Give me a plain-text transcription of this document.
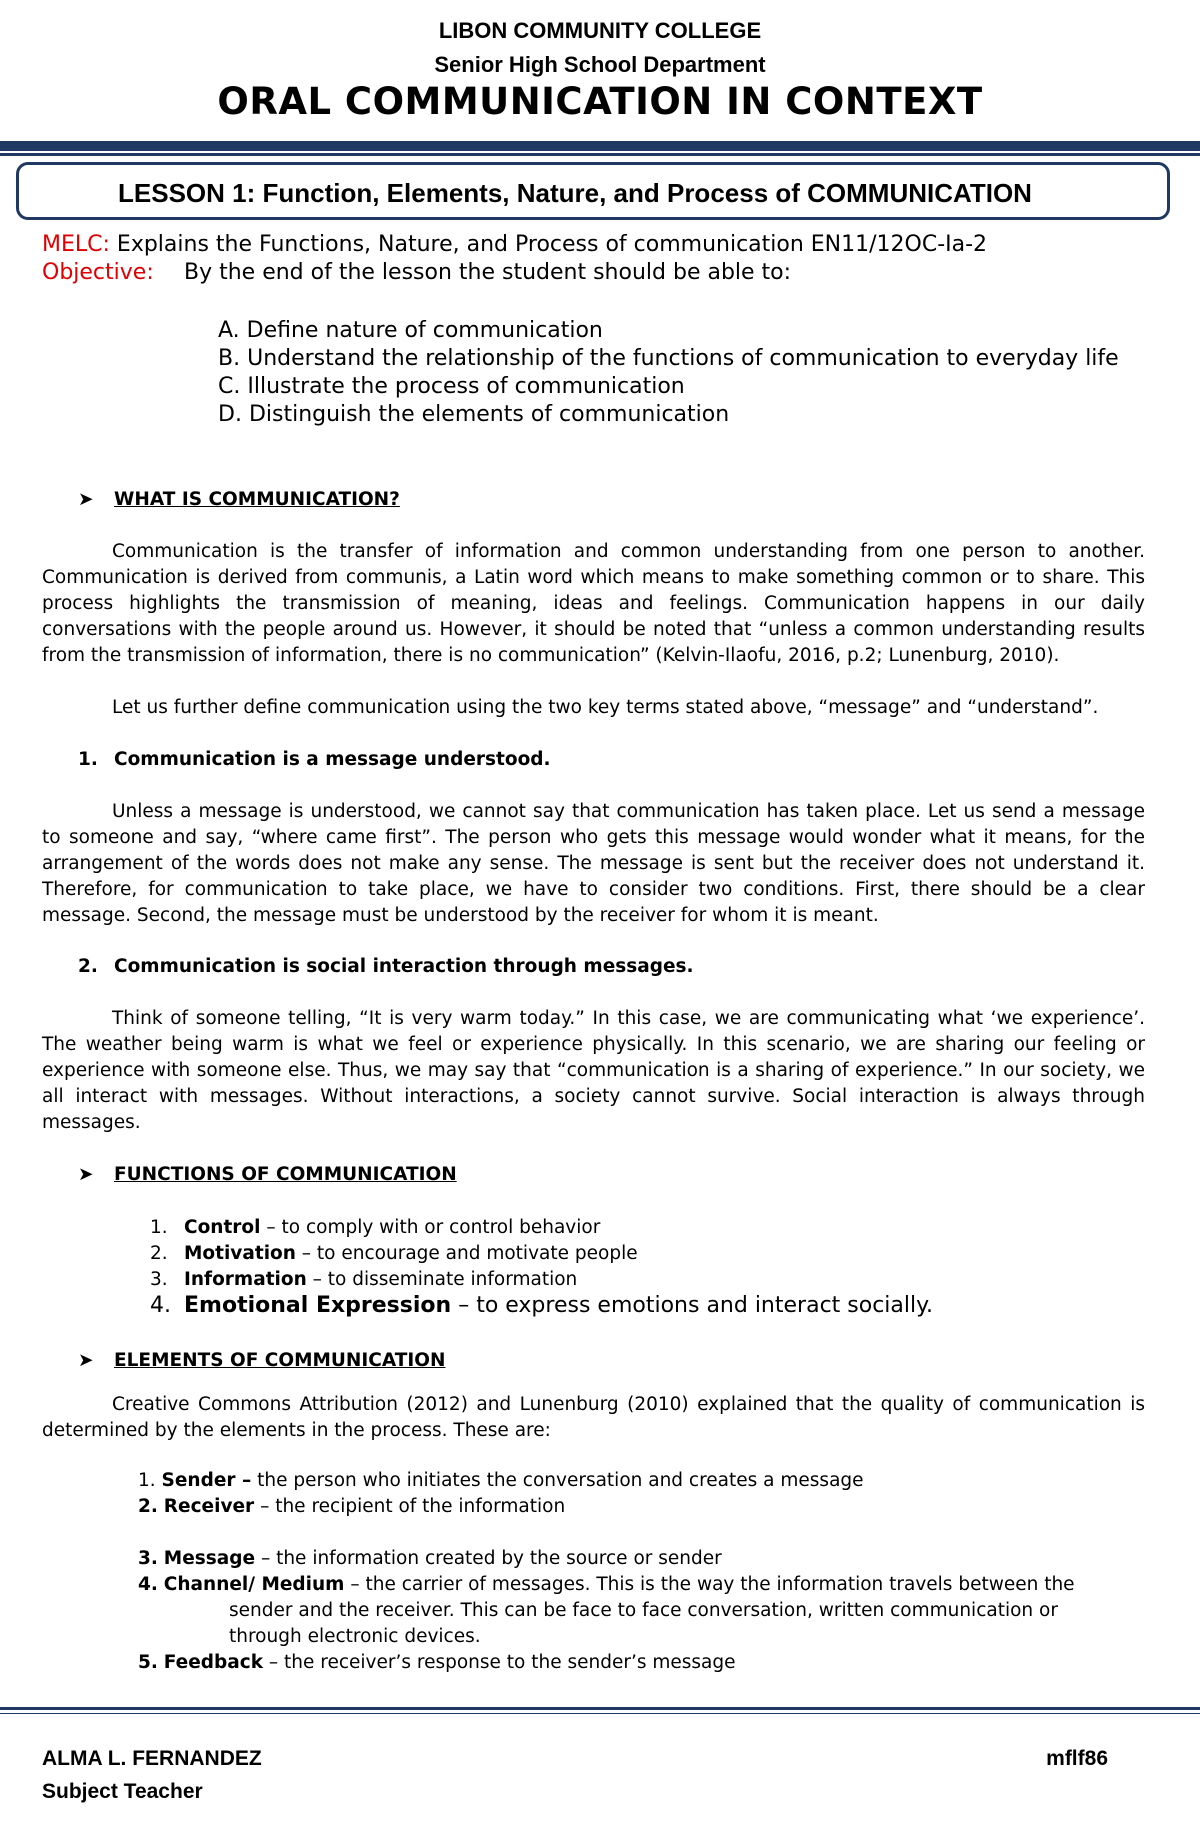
LIBON COMMUNITY COLLEGE
Senior High School Department
ORAL COMMUNICATION IN CONTEXT
LESSON 1: Function, Elements, Nature, and Process of COMMUNICATION
MELC: Explains the Functions, Nature, and Process of communication EN11/12OC-Ia-2
Objective: By the end of the lesson the student should be able to:
A. Define nature of communication
B. Understand the relationship of the functions of communication to everyday life
C. Illustrate the process of communication
D. Distinguish the elements of communication
➤ WHAT IS COMMUNICATION?
Communication is the transfer of information and common understanding from one person to another. Communication is derived from communis, a Latin word which means to make something common or to share. This process highlights the transmission of meaning, ideas and feelings. Communication happens in our daily conversations with the people around us. However, it should be noted that “unless a common understanding results from the transmission of information, there is no communication” (Kelvin-Ilaofu, 2016, p.2; Lunenburg, 2010).
Let us further define communication using the two key terms stated above, “message” and “understand”.
1. Communication is a message understood.
Unless a message is understood, we cannot say that communication has taken place. Let us send a message to someone and say, “where came first”. The person who gets this message would wonder what it means, for the arrangement of the words does not make any sense. The message is sent but the receiver does not understand it. Therefore, for communication to take place, we have to consider two conditions. First, there should be a clear message. Second, the message must be understood by the receiver for whom it is meant.
2. Communication is social interaction through messages.
Think of someone telling, “It is very warm today.” In this case, we are communicating what ‘we experience’. The weather being warm is what we feel or experience physically. In this scenario, we are sharing our feeling or experience with someone else. Thus, we may say that “communication is a sharing of experience.” In our society, we all interact with messages. Without interactions, a society cannot survive. Social interaction is always through messages.
➤ FUNCTIONS OF COMMUNICATION
1. Control – to comply with or control behavior
2. Motivation – to encourage and motivate people
3. Information – to disseminate information
4. Emotional Expression – to express emotions and interact socially.
➤ ELEMENTS OF COMMUNICATION
Creative Commons Attribution (2012) and Lunenburg (2010) explained that the quality of communication is determined by the elements in the process. These are:
1. Sender – the person who initiates the conversation and creates a message
2. Receiver – the recipient of the information
3. Message – the information created by the source or sender
4. Channel/ Medium – the carrier of messages. This is the way the information travels between the
sender and the receiver. This can be face to face conversation, written communication or
through electronic devices.
5. Feedback – the receiver’s response to the sender’s message
ALMA L. FERNANDEZ
Subject Teacher
mflf86
